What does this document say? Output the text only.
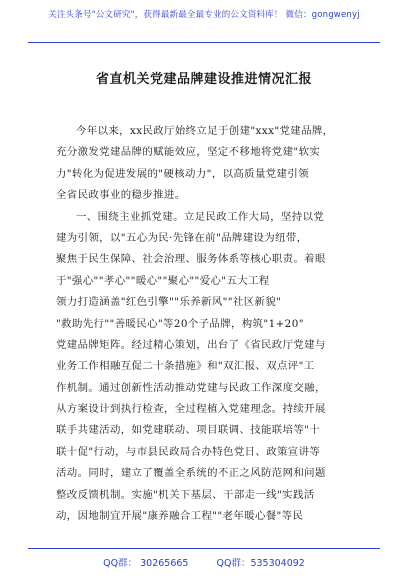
关注头条号"公文研究"，获得最新最全最专业的公文资料库！ 微信：gongwenyj
省直机关党建品牌建设推进情况汇报
今年以来，xx民政厅始终立足于创建"xxx"党建品牌，
充分激发党建品牌的赋能效应，坚定不移地将党建"软实
力"转化为促进发展的"硬核动力"，以高质量党建引领
全省民政事业的稳步推进。
一、围绕主业抓党建。立足民政工作大局，坚持以党
建为引领，以"五心为民·先锋在前"品牌建设为纽带，
聚焦于民生保障、社会治理、服务体系等核心职责。着眼
于"强心""孝心""暖心""聚心""爱心"五大工程
领力打造涵盖"红色引擎""乐养新风""社区新貌"
"救助先行""善暖民心"等20个子品牌，构筑"1+20"
党建品牌矩阵。经过精心策划，出台了《省民政厅党建与
业务工作相融互促二十条措施》和"双汇报、双点评"工
作机制。通过创新性活动推动党建与民政工作深度交融，
从方案设计到执行检查，全过程植入党建理念。持续开展
联手共建活动，如党建联动、项目联调、技能联培等"十
联十促"行动，与市县民政局合办特色党日、政策宣讲等
活动。同时，建立了覆盖全系统的不正之风防范网和问题
整改反馈机制。实施"机关下基层、干部走一线"实践活
动，因地制宜开展"康养融合工程""老年暖心餐"等民
QQ群： 30265665	QQ群：535304092
